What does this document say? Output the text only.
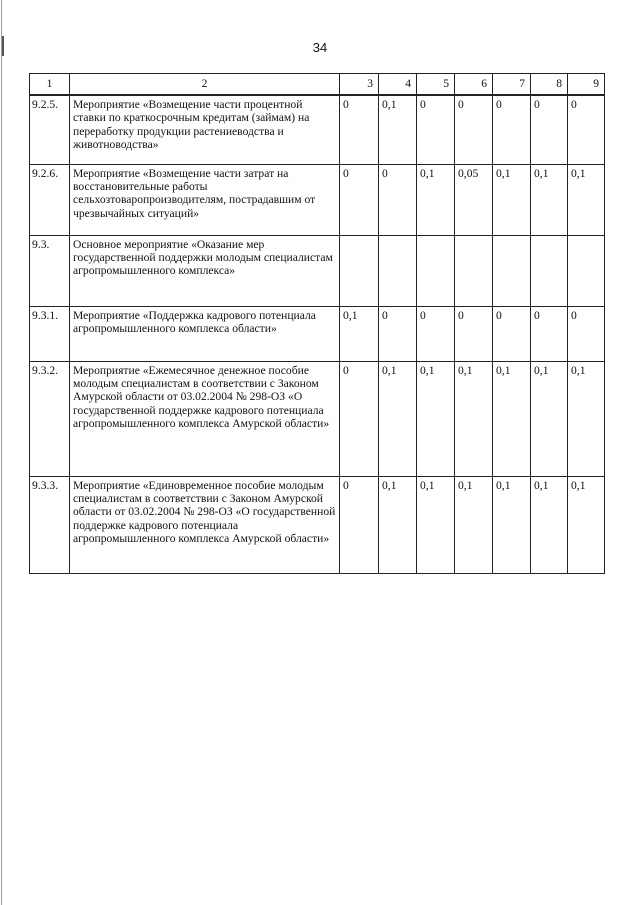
34
1	2	3	4	5	6	7	8	9
9.2.5.	Мероприятие «Возмещение части процентной ставки по краткосрочным кредитам (займам) на переработку продукции растениеводства и животноводства»	0	0,1	0	0	0	0	0
9.2.6.	Мероприятие «Возмещение части затрат на восстановительные работы сельхозтоваропроизводителям, пострадавшим от чрезвычайных ситуаций»	0	0	0,1	0,05	0,1	0,1	0,1
9.3.	Основное мероприятие «Оказание мер государственной поддержки молодым специалистам агропромышленного комплекса»							
9.3.1.	Мероприятие «Поддержка кадрового потенциала агропромышленного комплекса области»	0,1	0	0	0	0	0	0
9.3.2.	Мероприятие «Ежемесячное денежное пособие молодым специалистам в соответствии с Законом Амурской области от 03.02.2004 № 298-ОЗ «О государственной поддержке кадрового потенциала агропромышленного комплекса Амурской области»	0	0,1	0,1	0,1	0,1	0,1	0,1
9.3.3.	Мероприятие «Единовременное пособие молодым специалистам в соответствии с Законом Амурской области от 03.02.2004 № 298-ОЗ «О государственной поддержке кадрового потенциала агропромышленного комплекса Амурской области»	0	0,1	0,1	0,1	0,1	0,1	0,1
